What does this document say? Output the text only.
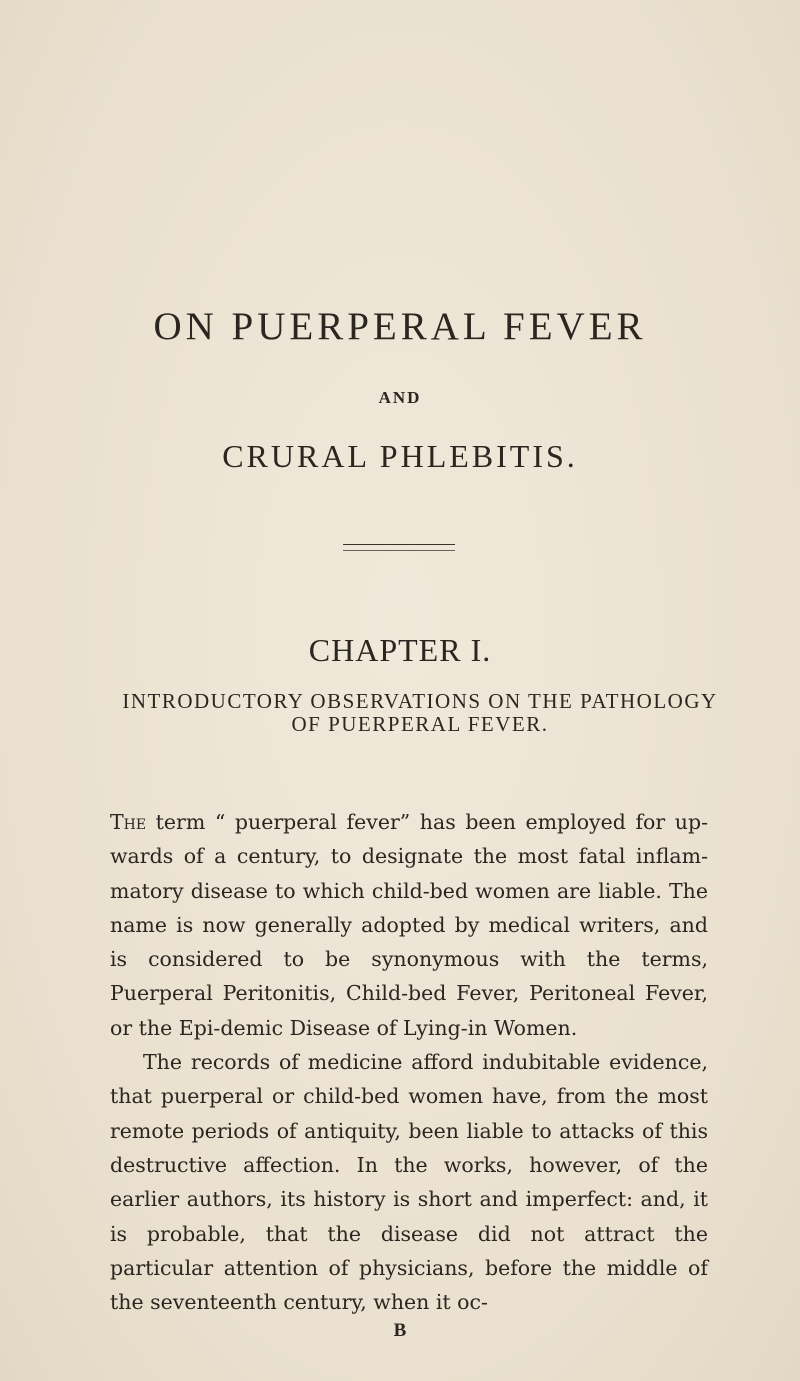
ON PUERPERAL FEVER
AND
CRURAL PHLEBITIS.
CHAPTER I.
INTRODUCTORY OBSERVATIONS ON THE PATHOLOGY OF PUERPERAL FEVER.

The term “ puerperal fever” has been employed for up-wards of a century, to designate the most fatal inflam-matory disease to which child-bed women are liable. The name is now generally adopted by medical writers, and is considered to be synonymous with the terms, Puerperal Peritonitis, Child-bed Fever, Peritoneal Fever, or the Epi-demic Disease of Lying-in Women.

The records of medicine afford indubitable evidence, that puerperal or child-bed women have, from the most remote periods of antiquity, been liable to attacks of this destructive affection. In the works, however, of the earlier authors, its history is short and imperfect: and, it is probable, that the disease did not attract the particular attention of physicians, before the middle of the seventeenth century, when it oc-

B
